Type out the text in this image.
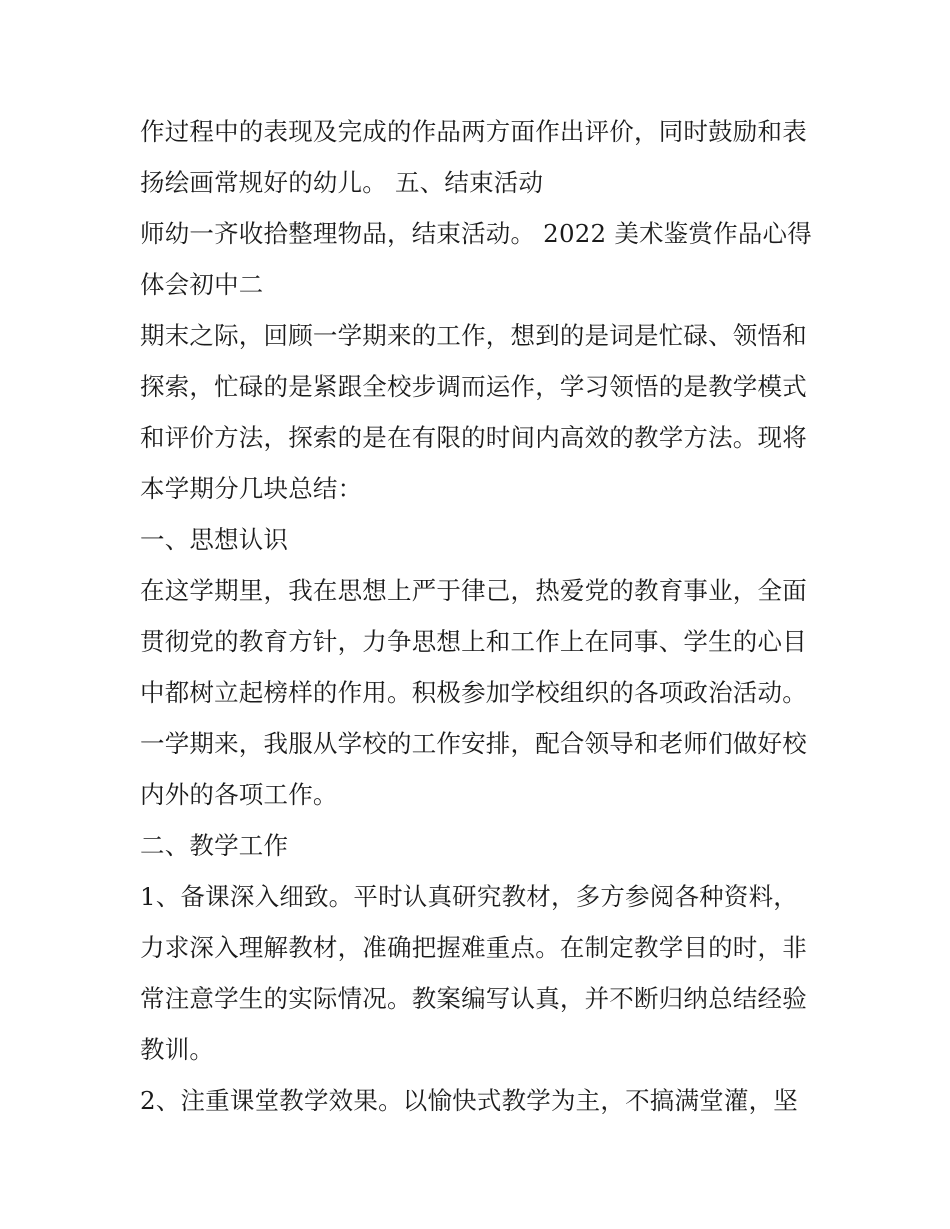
作过程中的表现及完成的作品两方面作出评价，同时鼓励和表
扬绘画常规好的幼儿。 五、结束活动
师幼一齐收拾整理物品，结束活动。 2022 美术鉴赏作品心得
体会初中二
期末之际，回顾一学期来的工作，想到的是词是忙碌、领悟和
探索，忙碌的是紧跟全校步调而运作，学习领悟的是教学模式
和评价方法，探索的是在有限的时间内高效的教学方法。现将
本学期分几块总结：
一、思想认识
在这学期里，我在思想上严于律己，热爱党的教育事业，全面
贯彻党的教育方针，力争思想上和工作上在同事、学生的心目
中都树立起榜样的作用。积极参加学校组织的各项政治活动。
一学期来，我服从学校的工作安排，配合领导和老师们做好校
内外的各项工作。
二、教学工作
1、备课深入细致。平时认真研究教材，多方参阅各种资料，
力求深入理解教材，准确把握难重点。在制定教学目的时，非
常注意学生的实际情况。教案编写认真，并不断归纳总结经验
教训。
2、注重课堂教学效果。以愉快式教学为主，不搞满堂灌，坚
